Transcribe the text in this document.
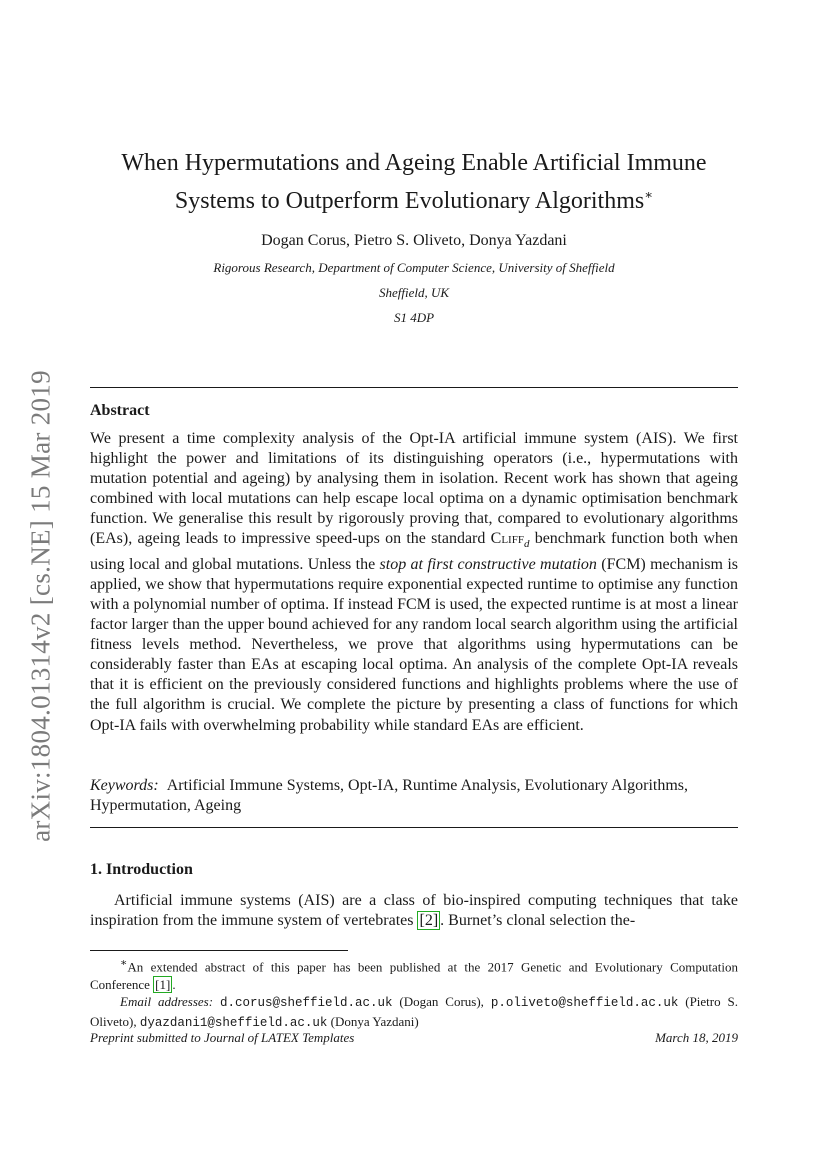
arXiv:1804.01314v2 [cs.NE] 15 Mar 2019
When Hypermutations and Ageing Enable Artificial Immune
Systems to Outperform Evolutionary Algorithms∗
Dogan Corus, Pietro S. Oliveto, Donya Yazdani
Rigorous Research, Department of Computer Science, University of Sheffield
Sheffield, UK
S1 4DP
Abstract
We present a time complexity analysis of the Opt-IA artificial immune system (AIS). We first highlight the power and limitations of its distinguishing operators (i.e., hypermutations with mutation potential and ageing) by analysing them in isolation. Recent work has shown that ageing combined with local mutations can help escape local optima on a dynamic optimisation benchmark function. We generalise this result by rigorously proving that, compared to evolutionary algorithms (EAs), ageing leads to impressive speed-ups on the standard Cliff$_d$ benchmark function both when using local and global mutations. Unless the stop at first constructive mutation (FCM) mechanism is applied, we show that hypermutations require exponential expected runtime to optimise any function with a polynomial number of optima. If instead FCM is used, the expected runtime is at most a linear factor larger than the upper bound achieved for any random local search algorithm using the artificial fitness levels method. Nevertheless, we prove that algorithms using hypermutations can be considerably faster than EAs at escaping local optima. An analysis of the complete Opt-IA reveals that it is efficient on the previously considered functions and highlights problems where the use of the full algorithm is crucial. We complete the picture by presenting a class of functions for which Opt-IA fails with overwhelming probability while standard EAs are efficient.
Keywords: Artificial Immune Systems, Opt-IA, Runtime Analysis, Evolutionary Algorithms, Hypermutation, Ageing
1. Introduction
Artificial immune systems (AIS) are a class of bio-inspired computing techniques that take inspiration from the immune system of vertebrates [2] . Burnet’s clonal selection the-
∗An extended abstract of this paper has been published at the 2017 Genetic and Evolutionary Computation Conference [1] .
Email addresses: d.corus@sheffield.ac.uk (Dogan Corus), p.oliveto@sheffield.ac.uk (Pietro S. Oliveto), dyazdani1@sheffield.ac.uk (Donya Yazdani)
Preprint submitted to Journal of LATEX Templates	March 18, 2019
